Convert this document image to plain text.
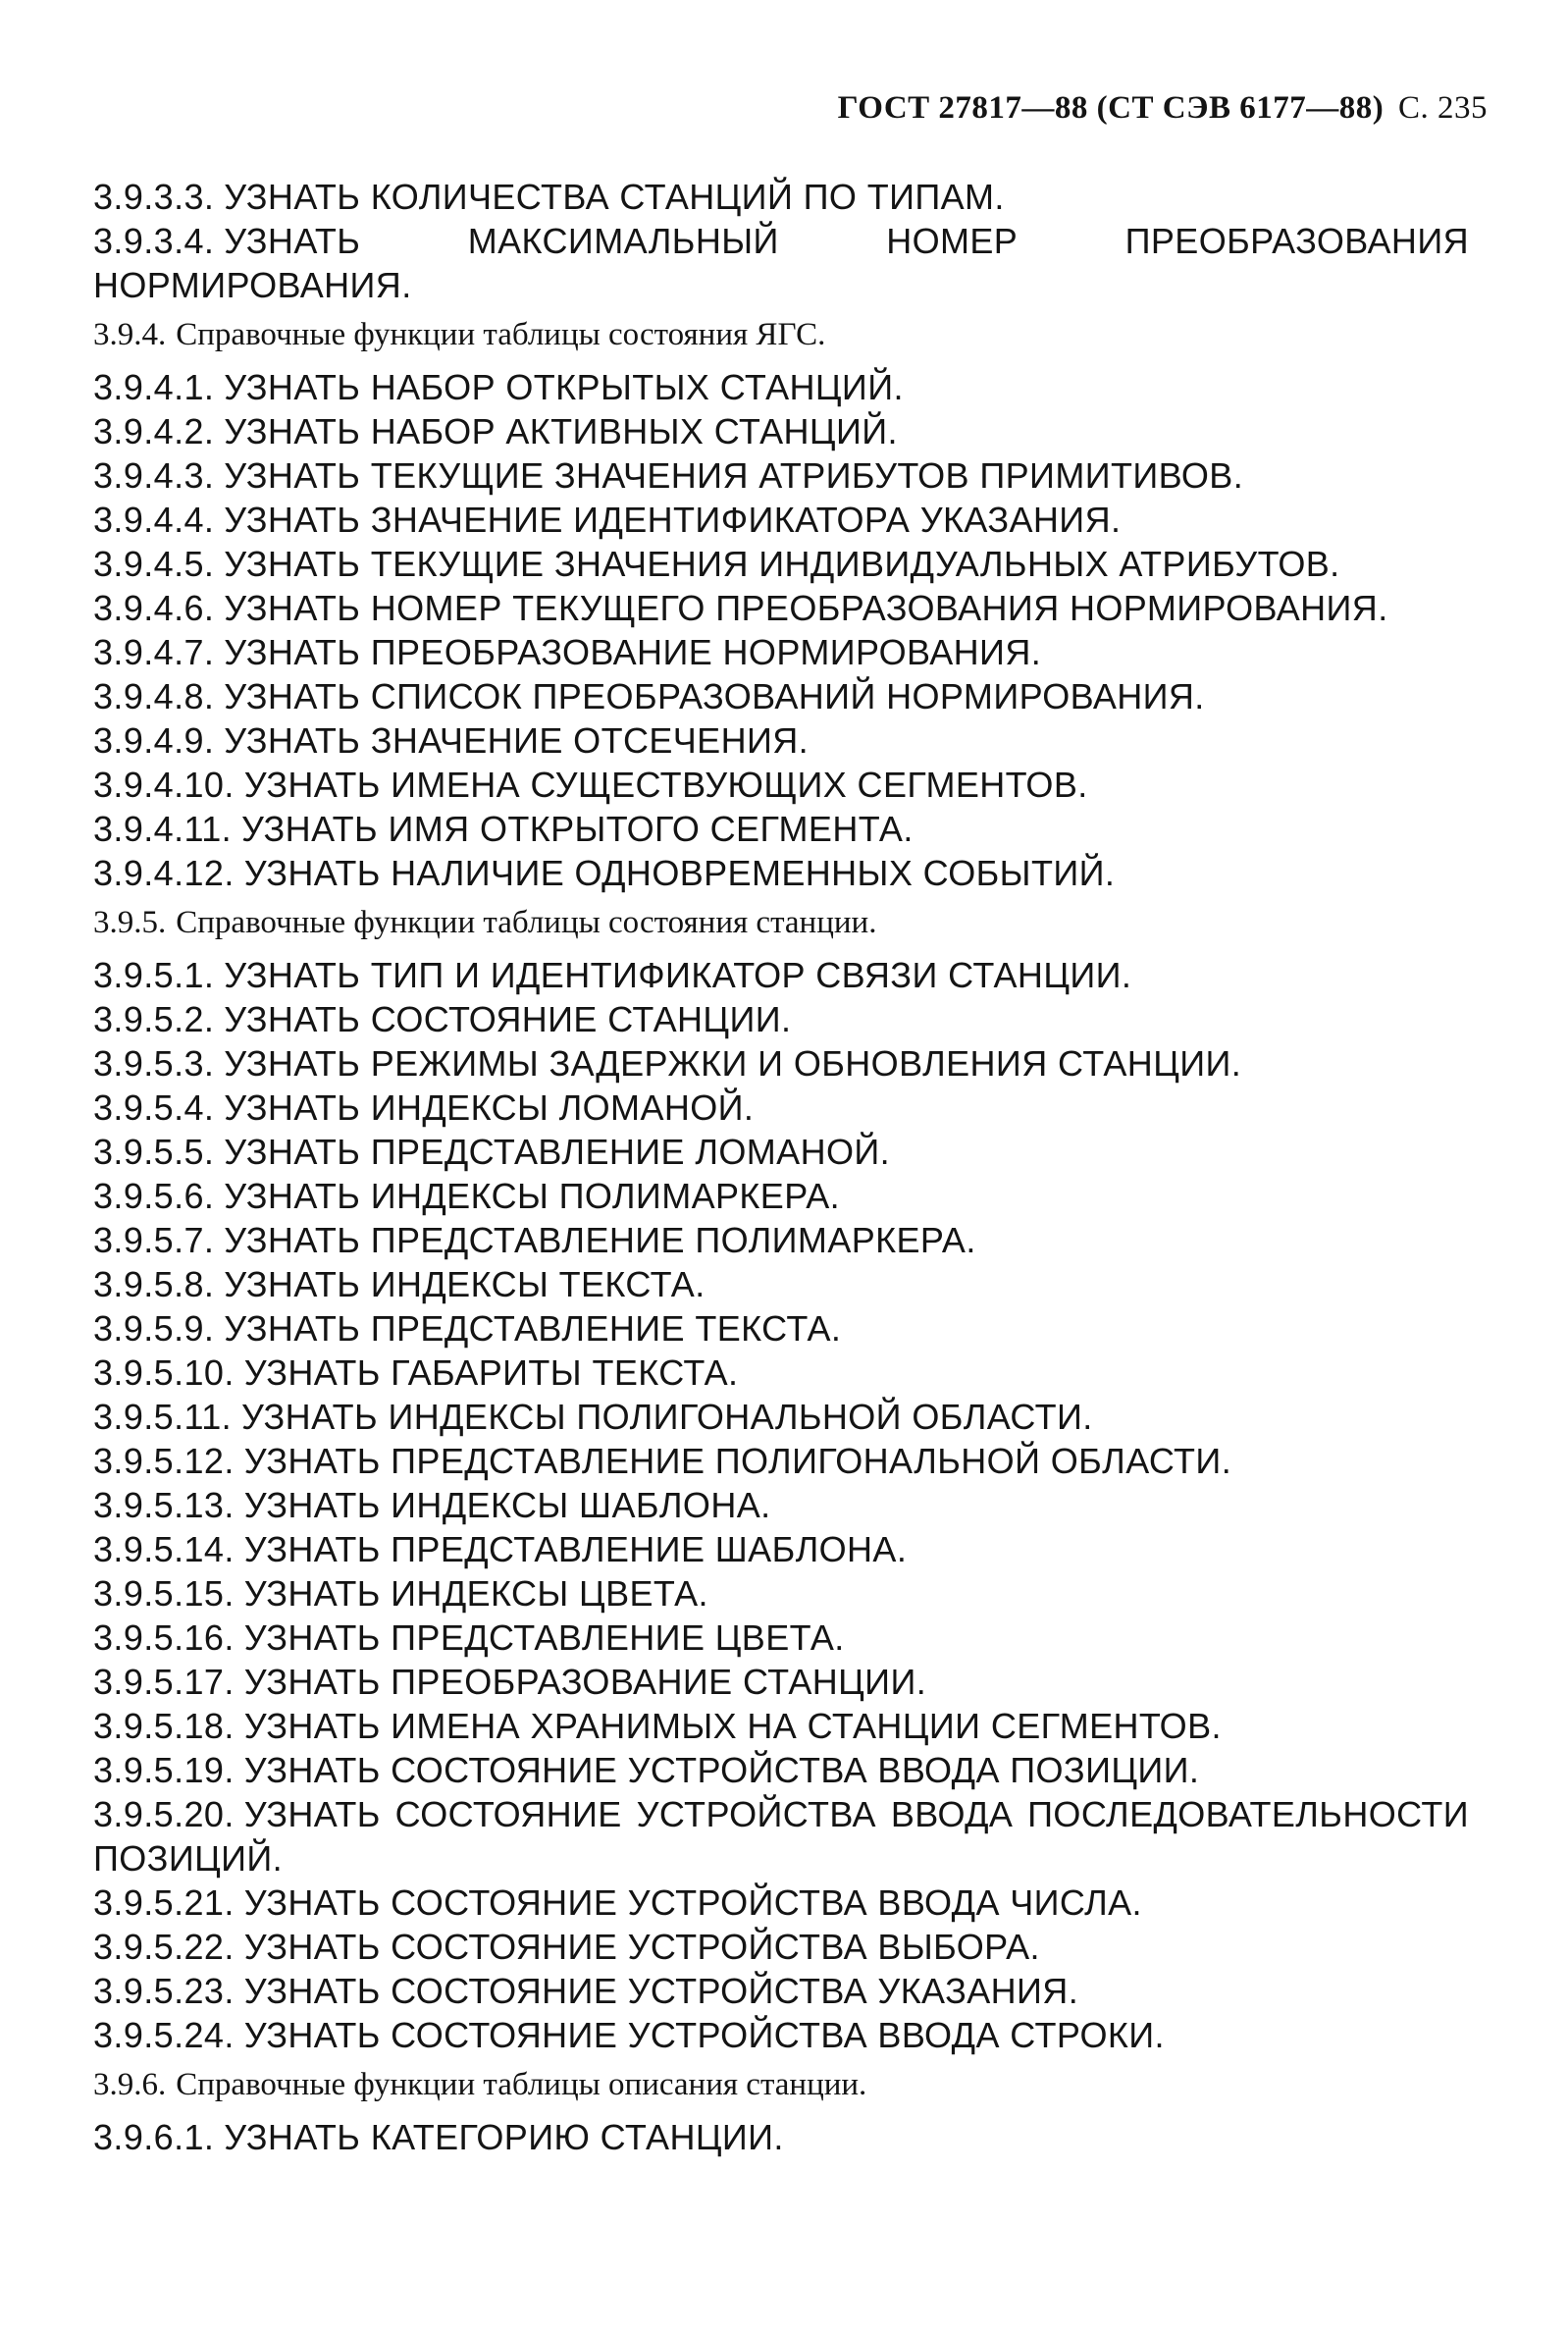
ГОСТ 27817—88 (СТ СЭВ 6177—88) С. 235
3.9.3.3. УЗНАТЬ КОЛИЧЕСТВА СТАНЦИЙ ПО ТИПАМ.
3.9.3.4. УЗНАТЬ МАКСИМАЛЬНЫЙ НОМЕР ПРЕОБРАЗОВАНИЯ НОРМИРОВАНИЯ.
3.9.4. Справочные функции таблицы состояния ЯГС.
3.9.4.1. УЗНАТЬ НАБОР ОТКРЫТЫХ СТАНЦИЙ.
3.9.4.2. УЗНАТЬ НАБОР АКТИВНЫХ СТАНЦИЙ.
3.9.4.3. УЗНАТЬ ТЕКУЩИЕ ЗНАЧЕНИЯ АТРИБУТОВ ПРИМИТИВОВ.
3.9.4.4. УЗНАТЬ ЗНАЧЕНИЕ ИДЕНТИФИКАТОРА УКАЗАНИЯ.
3.9.4.5. УЗНАТЬ ТЕКУЩИЕ ЗНАЧЕНИЯ ИНДИВИДУАЛЬНЫХ АТРИБУТОВ.
3.9.4.6. УЗНАТЬ НОМЕР ТЕКУЩЕГО ПРЕОБРАЗОВАНИЯ НОРМИРОВАНИЯ.
3.9.4.7. УЗНАТЬ ПРЕОБРАЗОВАНИЕ НОРМИРОВАНИЯ.
3.9.4.8. УЗНАТЬ СПИСОК ПРЕОБРАЗОВАНИЙ НОРМИРОВАНИЯ.
3.9.4.9. УЗНАТЬ ЗНАЧЕНИЕ ОТСЕЧЕНИЯ.
3.9.4.10. УЗНАТЬ ИМЕНА СУЩЕСТВУЮЩИХ СЕГМЕНТОВ.
3.9.4.11. УЗНАТЬ ИМЯ ОТКРЫТОГО СЕГМЕНТА.
3.9.4.12. УЗНАТЬ НАЛИЧИЕ ОДНОВРЕМЕННЫХ СОБЫТИЙ.
3.9.5. Справочные функции таблицы состояния станции.
3.9.5.1. УЗНАТЬ ТИП И ИДЕНТИФИКАТОР СВЯЗИ СТАНЦИИ.
3.9.5.2. УЗНАТЬ СОСТОЯНИЕ СТАНЦИИ.
3.9.5.3. УЗНАТЬ РЕЖИМЫ ЗАДЕРЖКИ И ОБНОВЛЕНИЯ СТАНЦИИ.
3.9.5.4. УЗНАТЬ ИНДЕКСЫ ЛОМАНОЙ.
3.9.5.5. УЗНАТЬ ПРЕДСТАВЛЕНИЕ ЛОМАНОЙ.
3.9.5.6. УЗНАТЬ ИНДЕКСЫ ПОЛИМАРКЕРА.
3.9.5.7. УЗНАТЬ ПРЕДСТАВЛЕНИЕ ПОЛИМАРКЕРА.
3.9.5.8. УЗНАТЬ ИНДЕКСЫ ТЕКСТА.
3.9.5.9. УЗНАТЬ ПРЕДСТАВЛЕНИЕ ТЕКСТА.
3.9.5.10. УЗНАТЬ ГАБАРИТЫ ТЕКСТА.
3.9.5.11. УЗНАТЬ ИНДЕКСЫ ПОЛИГОНАЛЬНОЙ ОБЛАСТИ.
3.9.5.12. УЗНАТЬ ПРЕДСТАВЛЕНИЕ ПОЛИГОНАЛЬНОЙ ОБЛАСТИ.
3.9.5.13. УЗНАТЬ ИНДЕКСЫ ШАБЛОНА.
3.9.5.14. УЗНАТЬ ПРЕДСТАВЛЕНИЕ ШАБЛОНА.
3.9.5.15. УЗНАТЬ ИНДЕКСЫ ЦВЕТА.
3.9.5.16. УЗНАТЬ ПРЕДСТАВЛЕНИЕ ЦВЕТА.
3.9.5.17. УЗНАТЬ ПРЕОБРАЗОВАНИЕ СТАНЦИИ.
3.9.5.18. УЗНАТЬ ИМЕНА ХРАНИМЫХ НА СТАНЦИИ СЕГМЕНТОВ.
3.9.5.19. УЗНАТЬ СОСТОЯНИЕ УСТРОЙСТВА ВВОДА ПОЗИЦИИ.
3.9.5.20. УЗНАТЬ СОСТОЯНИЕ УСТРОЙСТВА ВВОДА ПОСЛЕДОВАТЕЛЬНОСТИ ПОЗИЦИЙ.
3.9.5.21. УЗНАТЬ СОСТОЯНИЕ УСТРОЙСТВА ВВОДА ЧИСЛА.
3.9.5.22. УЗНАТЬ СОСТОЯНИЕ УСТРОЙСТВА ВЫБОРА.
3.9.5.23. УЗНАТЬ СОСТОЯНИЕ УСТРОЙСТВА УКАЗАНИЯ.
3.9.5.24. УЗНАТЬ СОСТОЯНИЕ УСТРОЙСТВА ВВОДА СТРОКИ.
3.9.6. Справочные функции таблицы описания станции.
3.9.6.1. УЗНАТЬ КАТЕГОРИЮ СТАНЦИИ.
